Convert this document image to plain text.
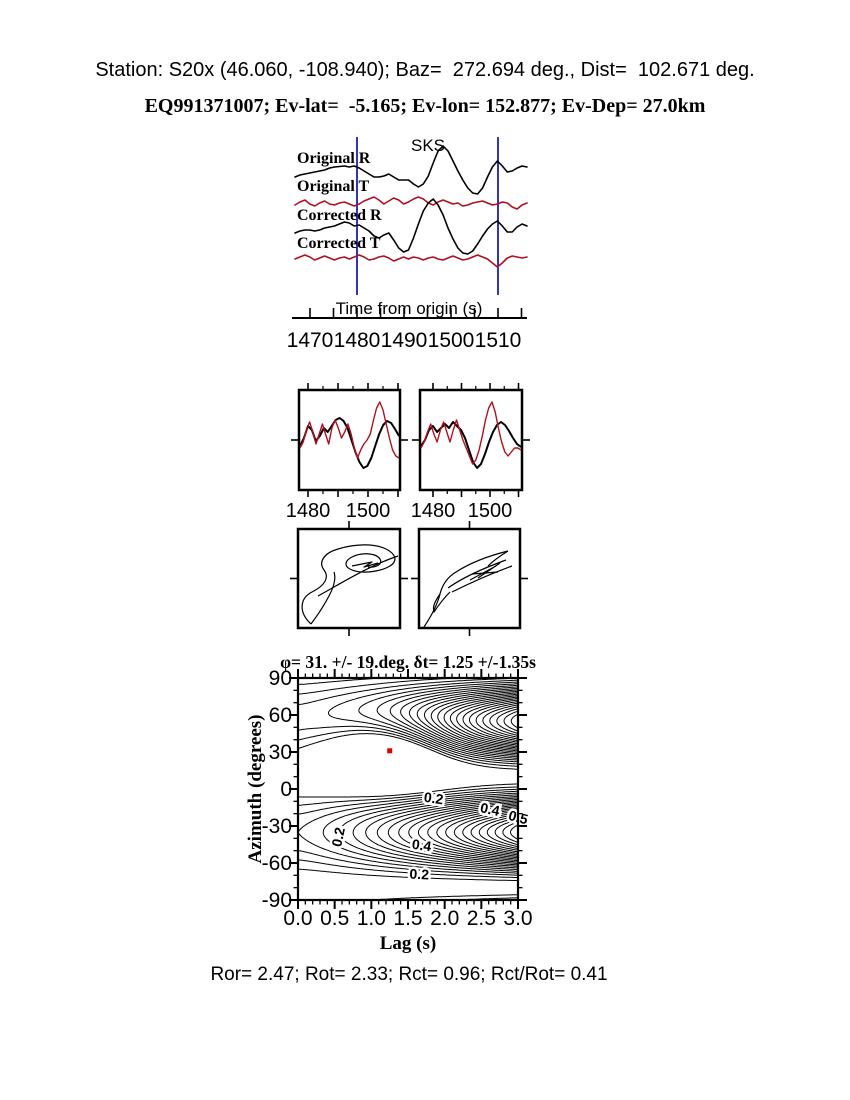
Station: S20x (46.060, -108.940); Baz=  272.694 deg., Dist=  102.671 deg.
EQ991371007; Ev-lat=  -5.165; Ev-lon= 152.877; Ev-Dep= 27.0km
Original R
Original T
Corrected R
Corrected T
SKS
Time from origin (s)
1470 1480 1490 1500 1510
1480 1500 1480 1500
φ= 31. +/- 19.deg. δt= 1.25 +/-1.35s
0.2
0.2
0.4 0.5
0.4
0.2
0.0 0.5 1.0 1.5 2.0 2.5 3.0
90
60
30
0
-30
-60
-90
Lag (s)
Azimuth (degrees)
Ror= 2.47; Rot= 2.33; Rct= 0.96; Rct/Rot= 0.41
